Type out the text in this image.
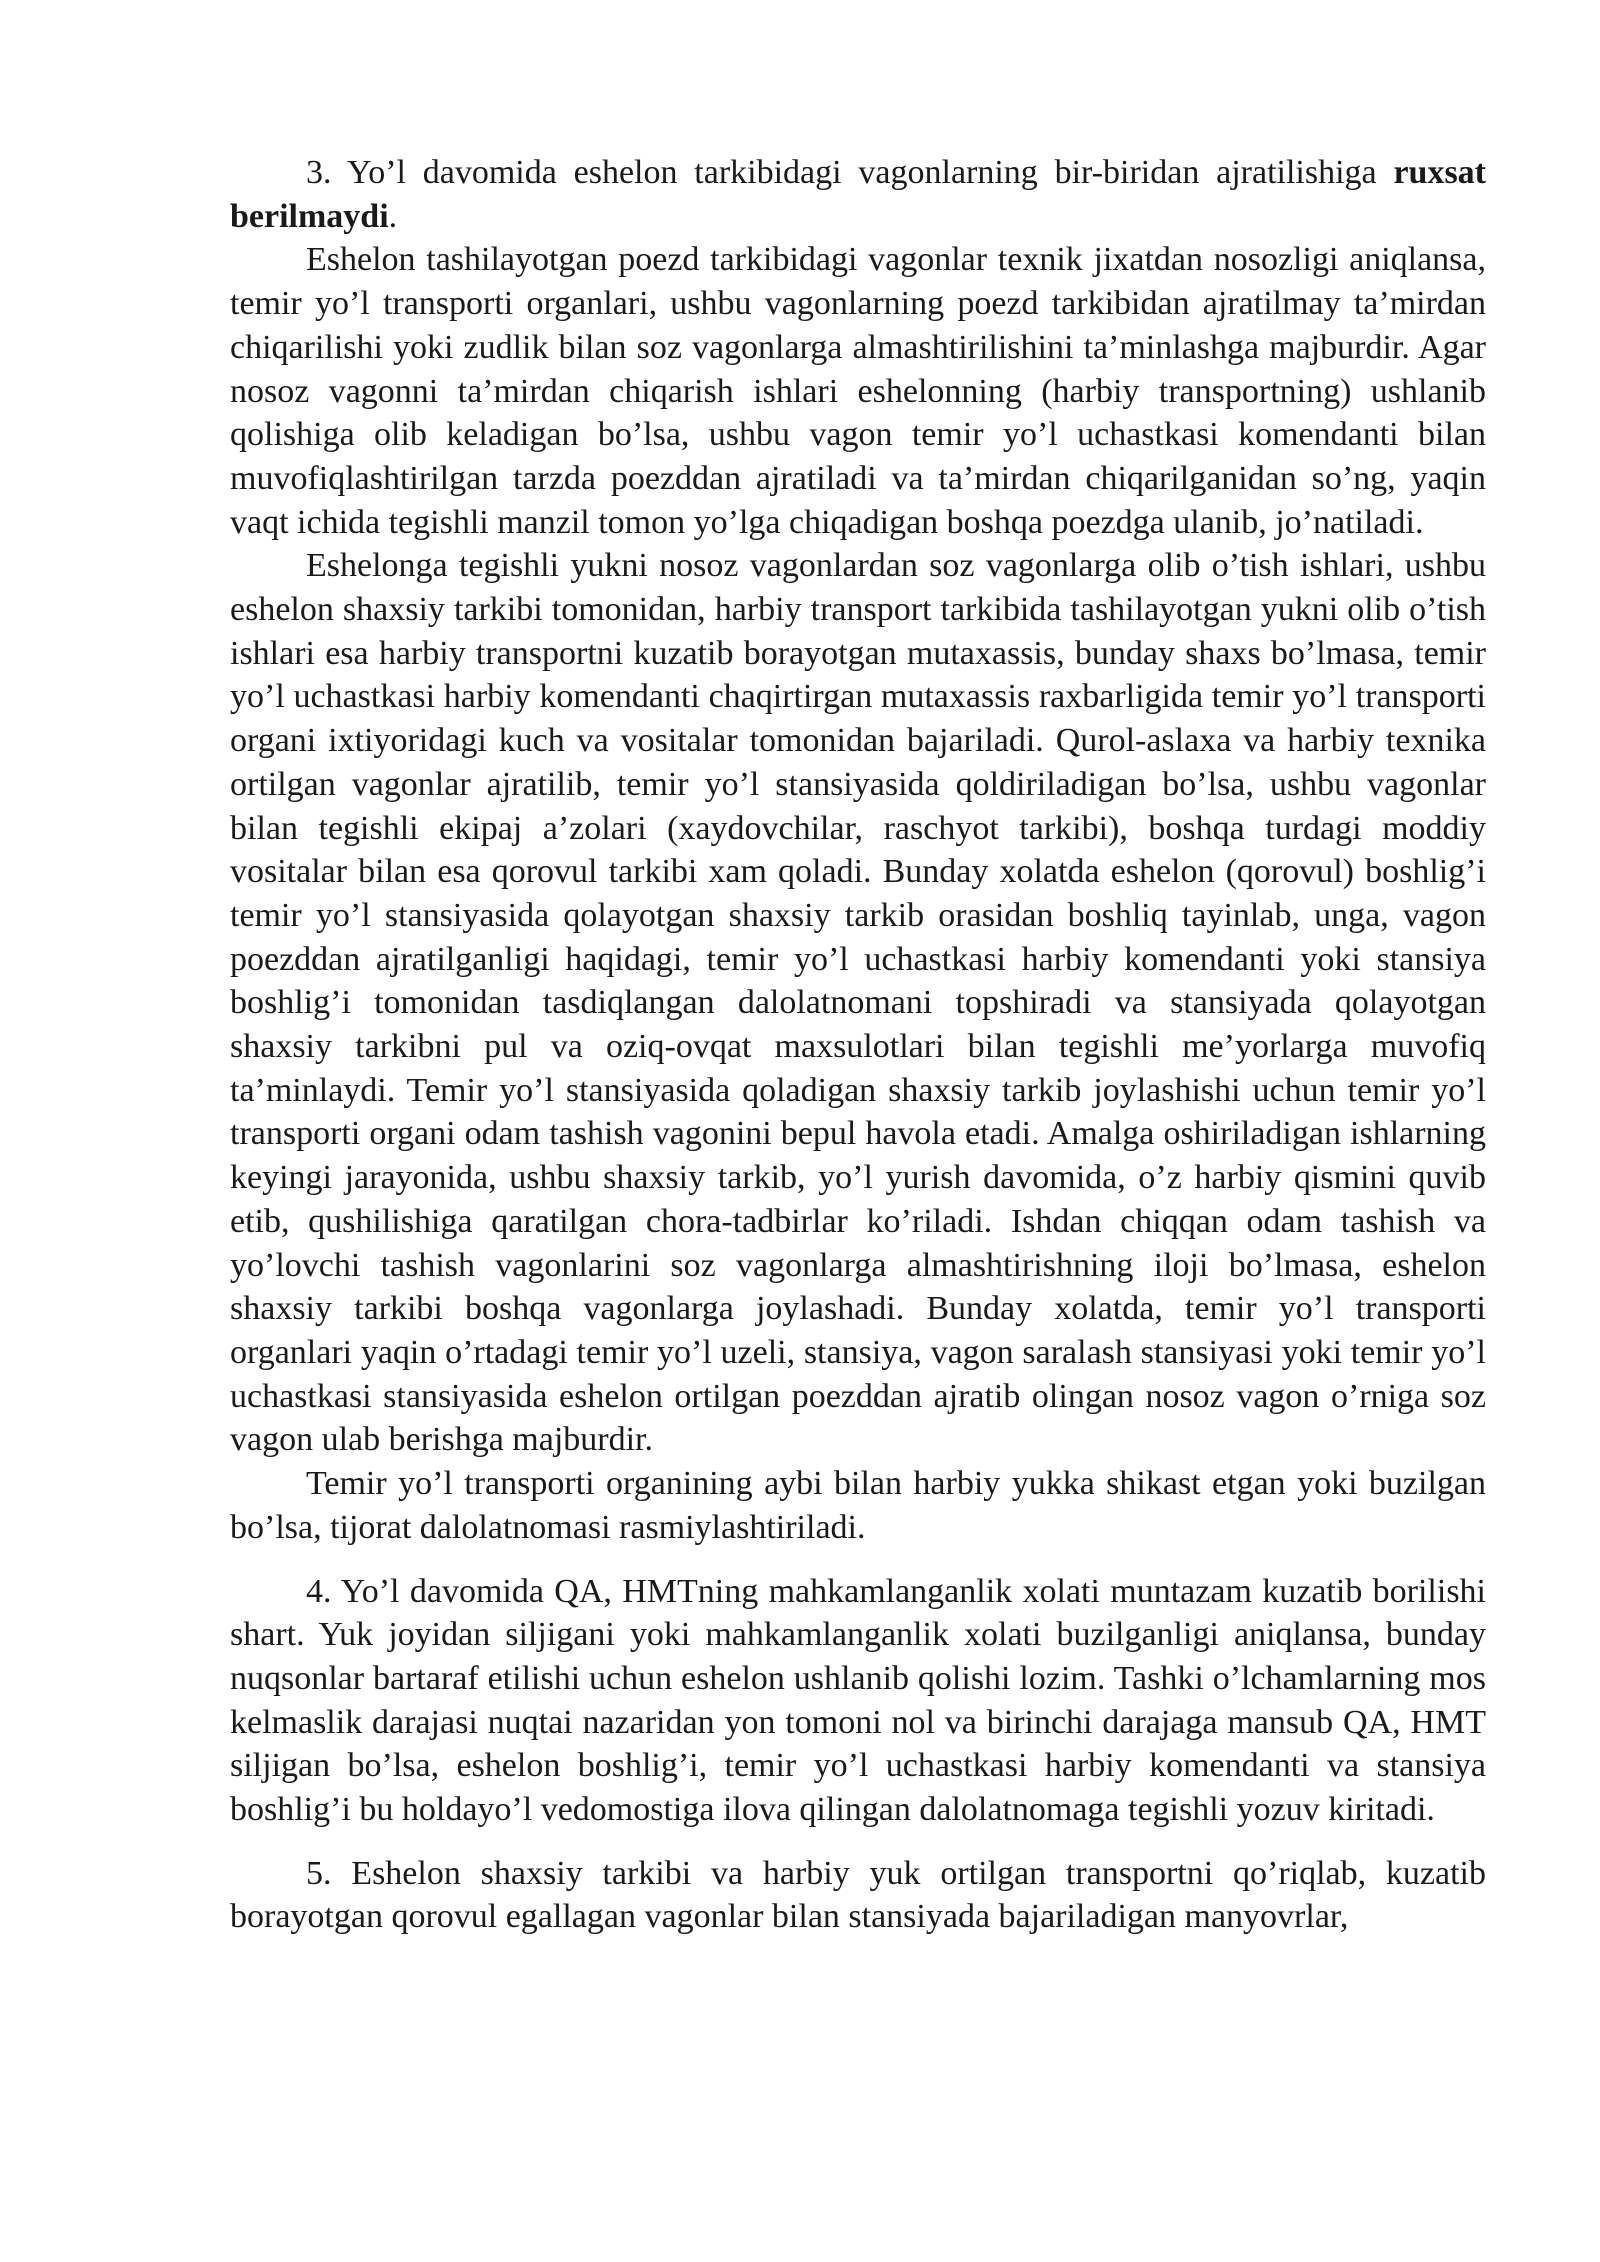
3. Yo’l davomida eshelon tarkibidagi vagonlarning bir-biridan ajratilishiga ruxsat berilmaydi.

Eshelon tashilayotgan poezd tarkibidagi vagonlar texnik jixatdan nosozligi aniqlansa, temir yo’l transporti organlari, ushbu vagonlarning poezd tarkibidan ajratilmay ta’mirdan chiqarilishi yoki zudlik bilan soz vagonlarga almashtirilishini ta’minlashga majburdir. Agar nosoz vagonni ta’mirdan chiqarish ishlari eshelonning (harbiy transportning) ushlanib qolishiga olib keladigan bo’lsa, ushbu vagon temir yo’l uchastkasi komendanti bilan muvofiqlashtirilgan tarzda poezddan ajratiladi va ta’mirdan chiqarilganidan so’ng, yaqin vaqt ichida tegishli manzil tomon yo’lga chiqadigan boshqa poezdga ulanib, jo’natiladi.

Eshelonga tegishli yukni nosoz vagonlardan soz vagonlarga olib o’tish ishlari, ushbu eshelon shaxsiy tarkibi tomonidan, harbiy transport tarkibida tashilayotgan yukni olib o’tish ishlari esa harbiy transportni kuzatib borayotgan mutaxassis, bunday shaxs bo’lmasa, temir yo’l uchastkasi harbiy komendanti chaqirtirgan mutaxassis raxbarligida temir yo’l transporti organi ixtiyoridagi kuch va vositalar tomonidan bajariladi. Qurol-aslaxa va harbiy texnika ortilgan vagonlar ajratilib, temir yo’l stansiyasida qoldiriladigan bo’lsa, ushbu vagonlar bilan tegishli ekipaj a’zolari (xaydovchilar, raschyot tarkibi), boshqa turdagi moddiy vositalar bilan esa qorovul tarkibi xam qoladi. Bunday xolatda eshelon (qorovul) boshlig’i temir yo’l stansiyasida qolayotgan shaxsiy tarkib orasidan boshliq tayinlab, unga, vagon poezddan ajratilganligi haqidagi, temir yo’l uchastkasi harbiy komendanti yoki stansiya boshlig’i tomonidan tasdiqlangan dalolatnomani topshiradi va stansiyada qolayotgan shaxsiy tarkibni pul va oziq-ovqat maxsulotlari bilan tegishli me’yorlarga muvofiq ta’minlaydi. Temir yo’l stansiyasida qoladigan shaxsiy tarkib joylashishi uchun temir yo’l transporti organi odam tashish vagonini bepul havola etadi. Amalga oshiriladigan ishlarning keyingi jarayonida, ushbu shaxsiy tarkib, yo’l yurish davomida, o’z harbiy qismini quvib etib, qushilishiga qaratilgan chora-tadbirlar ko’riladi. Ishdan chiqqan odam tashish va yo’lovchi tashish vagonlarini soz vagonlarga almashtirishning iloji bo’lmasa, eshelon shaxsiy tarkibi boshqa vagonlarga joylashadi. Bunday xolatda, temir yo’l transporti organlari yaqin o’rtadagi temir yo’l uzeli, stansiya, vagon saralash stansiyasi yoki temir yo’l uchastkasi stansiyasida eshelon ortilgan poezddan ajratib olingan nosoz vagon o’rniga soz vagon ulab berishga majburdir.

Temir yo’l transporti organining aybi bilan harbiy yukka shikast etgan yoki buzilgan bo’lsa, tijorat dalolatnomasi rasmiylashtiriladi.

4. Yo’l davomida QA, HMTning mahkamlanganlik xolati muntazam kuzatib borilishi shart. Yuk joyidan siljigani yoki mahkamlanganlik xolati buzilganligi aniqlansa, bunday nuqsonlar bartaraf etilishi uchun eshelon ushlanib qolishi lozim. Tashki o’lchamlarning mos kelmaslik darajasi nuqtai nazaridan yon tomoni nol va birinchi darajaga mansub QA, HMT siljigan bo’lsa, eshelon boshlig’i, temir yo’l uchastkasi harbiy komendanti va stansiya boshlig’i bu holdayo’l vedomostiga ilova qilingan dalolatnomaga tegishli yozuv kiritadi.

5. Eshelon shaxsiy tarkibi va harbiy yuk ortilgan transportni qo’riqlab, kuzatib borayotgan qorovul egallagan vagonlar bilan stansiyada bajariladigan manyovrlar,
